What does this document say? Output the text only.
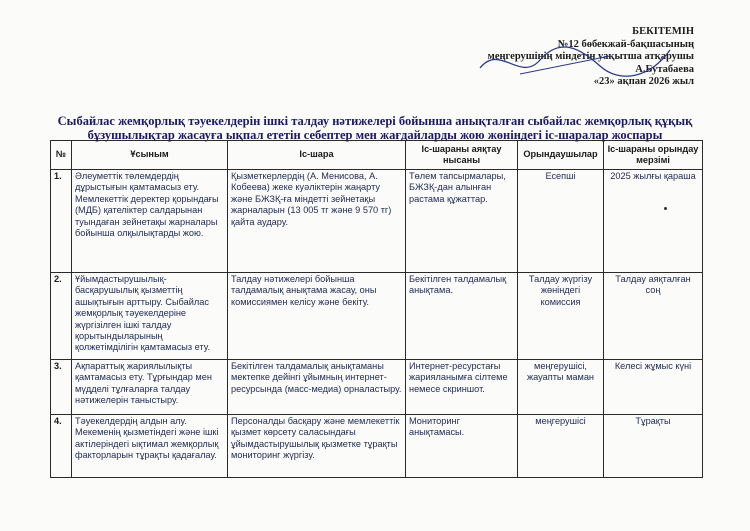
БЕКІТЕМІН
№12 бөбекжай-бақшасының
меңгерушінің міндетін уақытша атқарушы
А.Бутабаева
«23» ақпан 2026 жыл
Сыбайлас жемқорлық тәуекелдерін ішкі талдау нәтижелері бойынша анықталған сыбайлас жемқорлық құқық
бұзушылықтар жасауға ықпал ететін себептер мен жағдайларды жою жөніндегі іс-шаралар жоспары
№	Ұсыным	Іс-шара	Іс-шараны аяқтау нысаны	Орындаушылар	Іс-шараны орындау мерзімі
1.	Әлеуметтік төлемдердің дұрыстығын қамтамасыз ету. Мемлекеттік деректер қорындағы (МДБ) қателіктер салдарынан туындаған зейнетақы жарналары бойынша олқылықтарды жою.	Қызметкерлердің (А. Менисова, А. Кобеева) жеке куәліктерін жаңарту және БЖЗҚ-ға міндетті зейнетақы жарналарын (13 005 тг және 9 570 тг) қайта аудару.	Төлем тапсырмалары, БЖЗҚ-дан алынған растама құжаттар.	Есепші	2025 жылғы қараша
2.	Ұйымдастырушылық-басқарушылық қызметтің ашықтығын арттыру. Сыбайлас жемқорлық тәуекелдеріне жүргізілген ішкі талдау қорытындыларының қолжетімділігін қамтамасыз ету.	Талдау нәтижелері бойынша талдамалық анықтама жасау, оны комиссиямен келісу және бекіту.	Бекітілген талдамалық анықтама.	Талдау жүргізу жөніндегі комиссия	Талдау аяқталған соң
3.	Ақпараттық жариялылықты қамтамасыз ету. Тұрғындар мен мүдделі тұлғаларға талдау нәтижелерін таныстыру.	Бекітілген талдамалық анықтаманы мектепке дейінгі ұйымның интернет-ресурсында (масс-медиа) орналастыру.	Интернет-ресурстағы жарияланымға сілтеме немесе скриншот.	меңгерушісі, жауапты маман	Келесі жұмыс күні
4.	Тәуекелдердің алдын алу. Мекеменің қызметіндегі және ішкі актілеріндегі ықтимал жемқорлық факторларын тұрақты қадағалау.	Персоналды басқару және мемлекеттік қызмет көрсету саласындағы ұйымдастырушылық қызметке тұрақты мониторинг жүргізу.	Мониторинг анықтамасы.	меңгерушісі	Тұрақты
